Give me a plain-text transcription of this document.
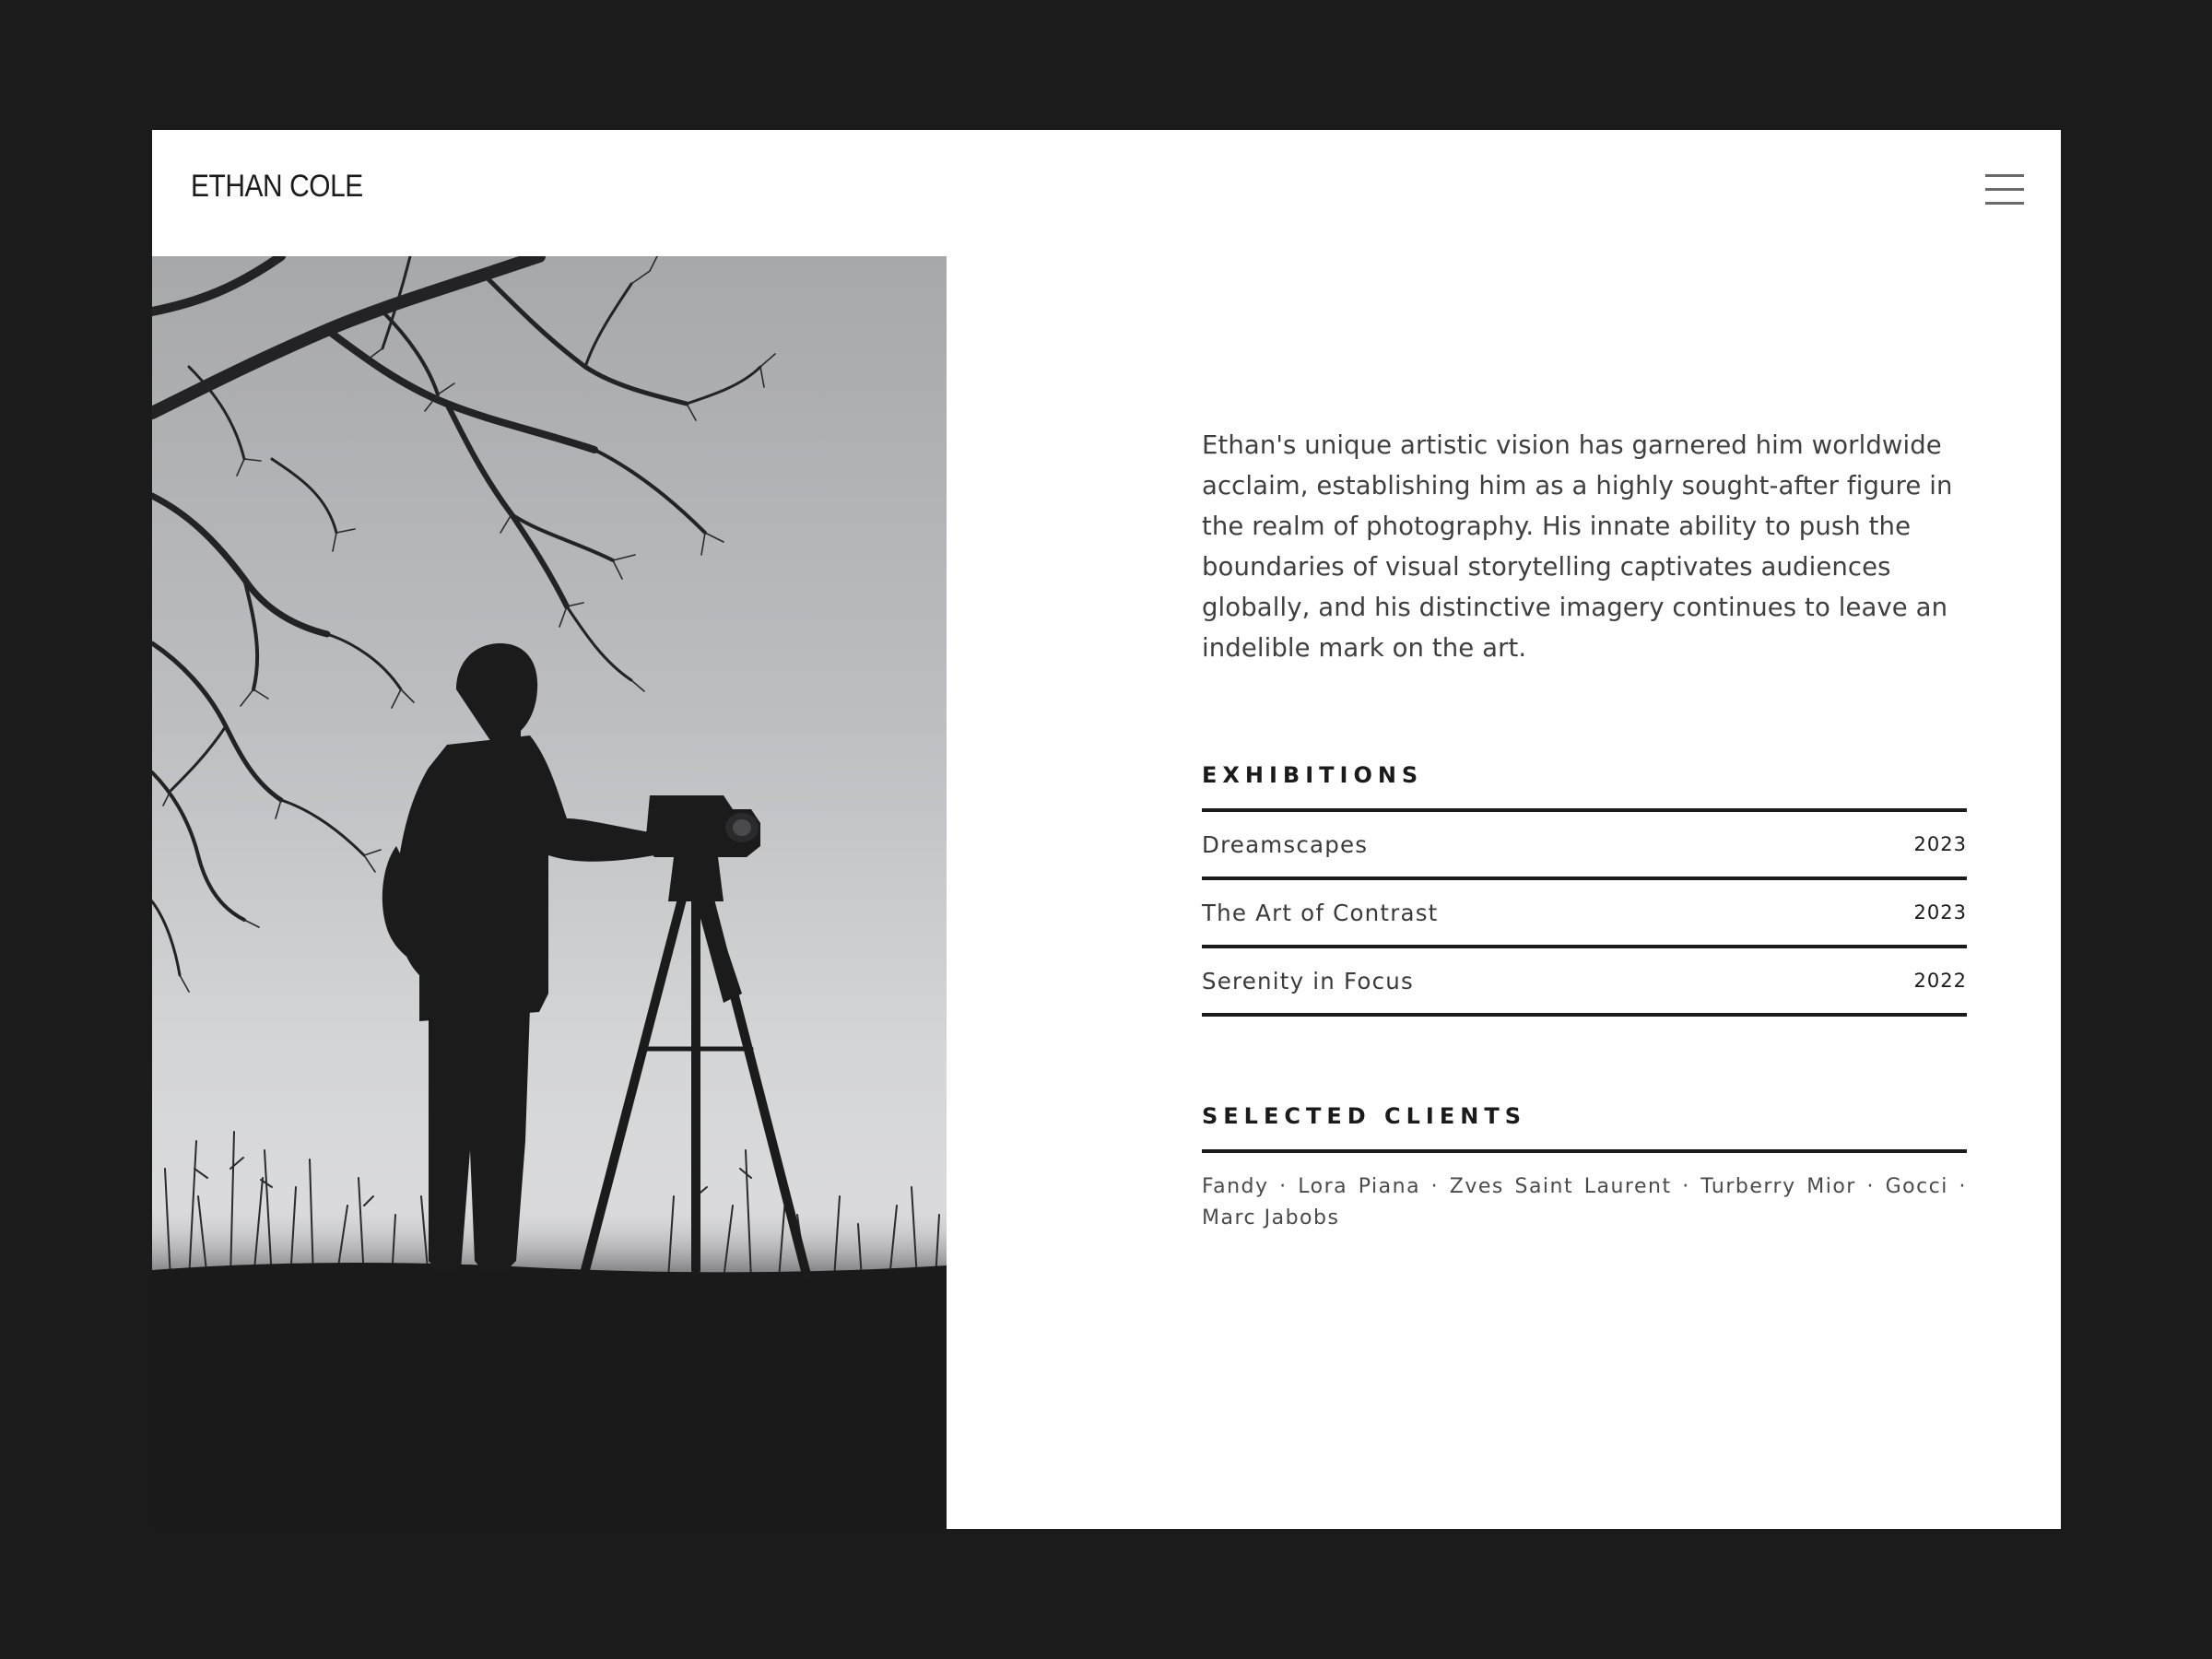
ETHAN COLE

Ethan's unique artistic vision has garnered him worldwide acclaim, establishing him as a highly sought-after figure in the realm of photography. His innate ability to push the boundaries of visual storytelling captivates audiences globally, and his distinctive imagery continues to leave an indelible mark on the art.

EXHIBITIONS
Dreamscapes	2023
The Art of Contrast	2023
Serenity in Focus	2022
SELECTED CLIENTS
Fandy · Lora Piana · Zves Saint Laurent · Turberry Mior · Gocci · Marc Jabobs
